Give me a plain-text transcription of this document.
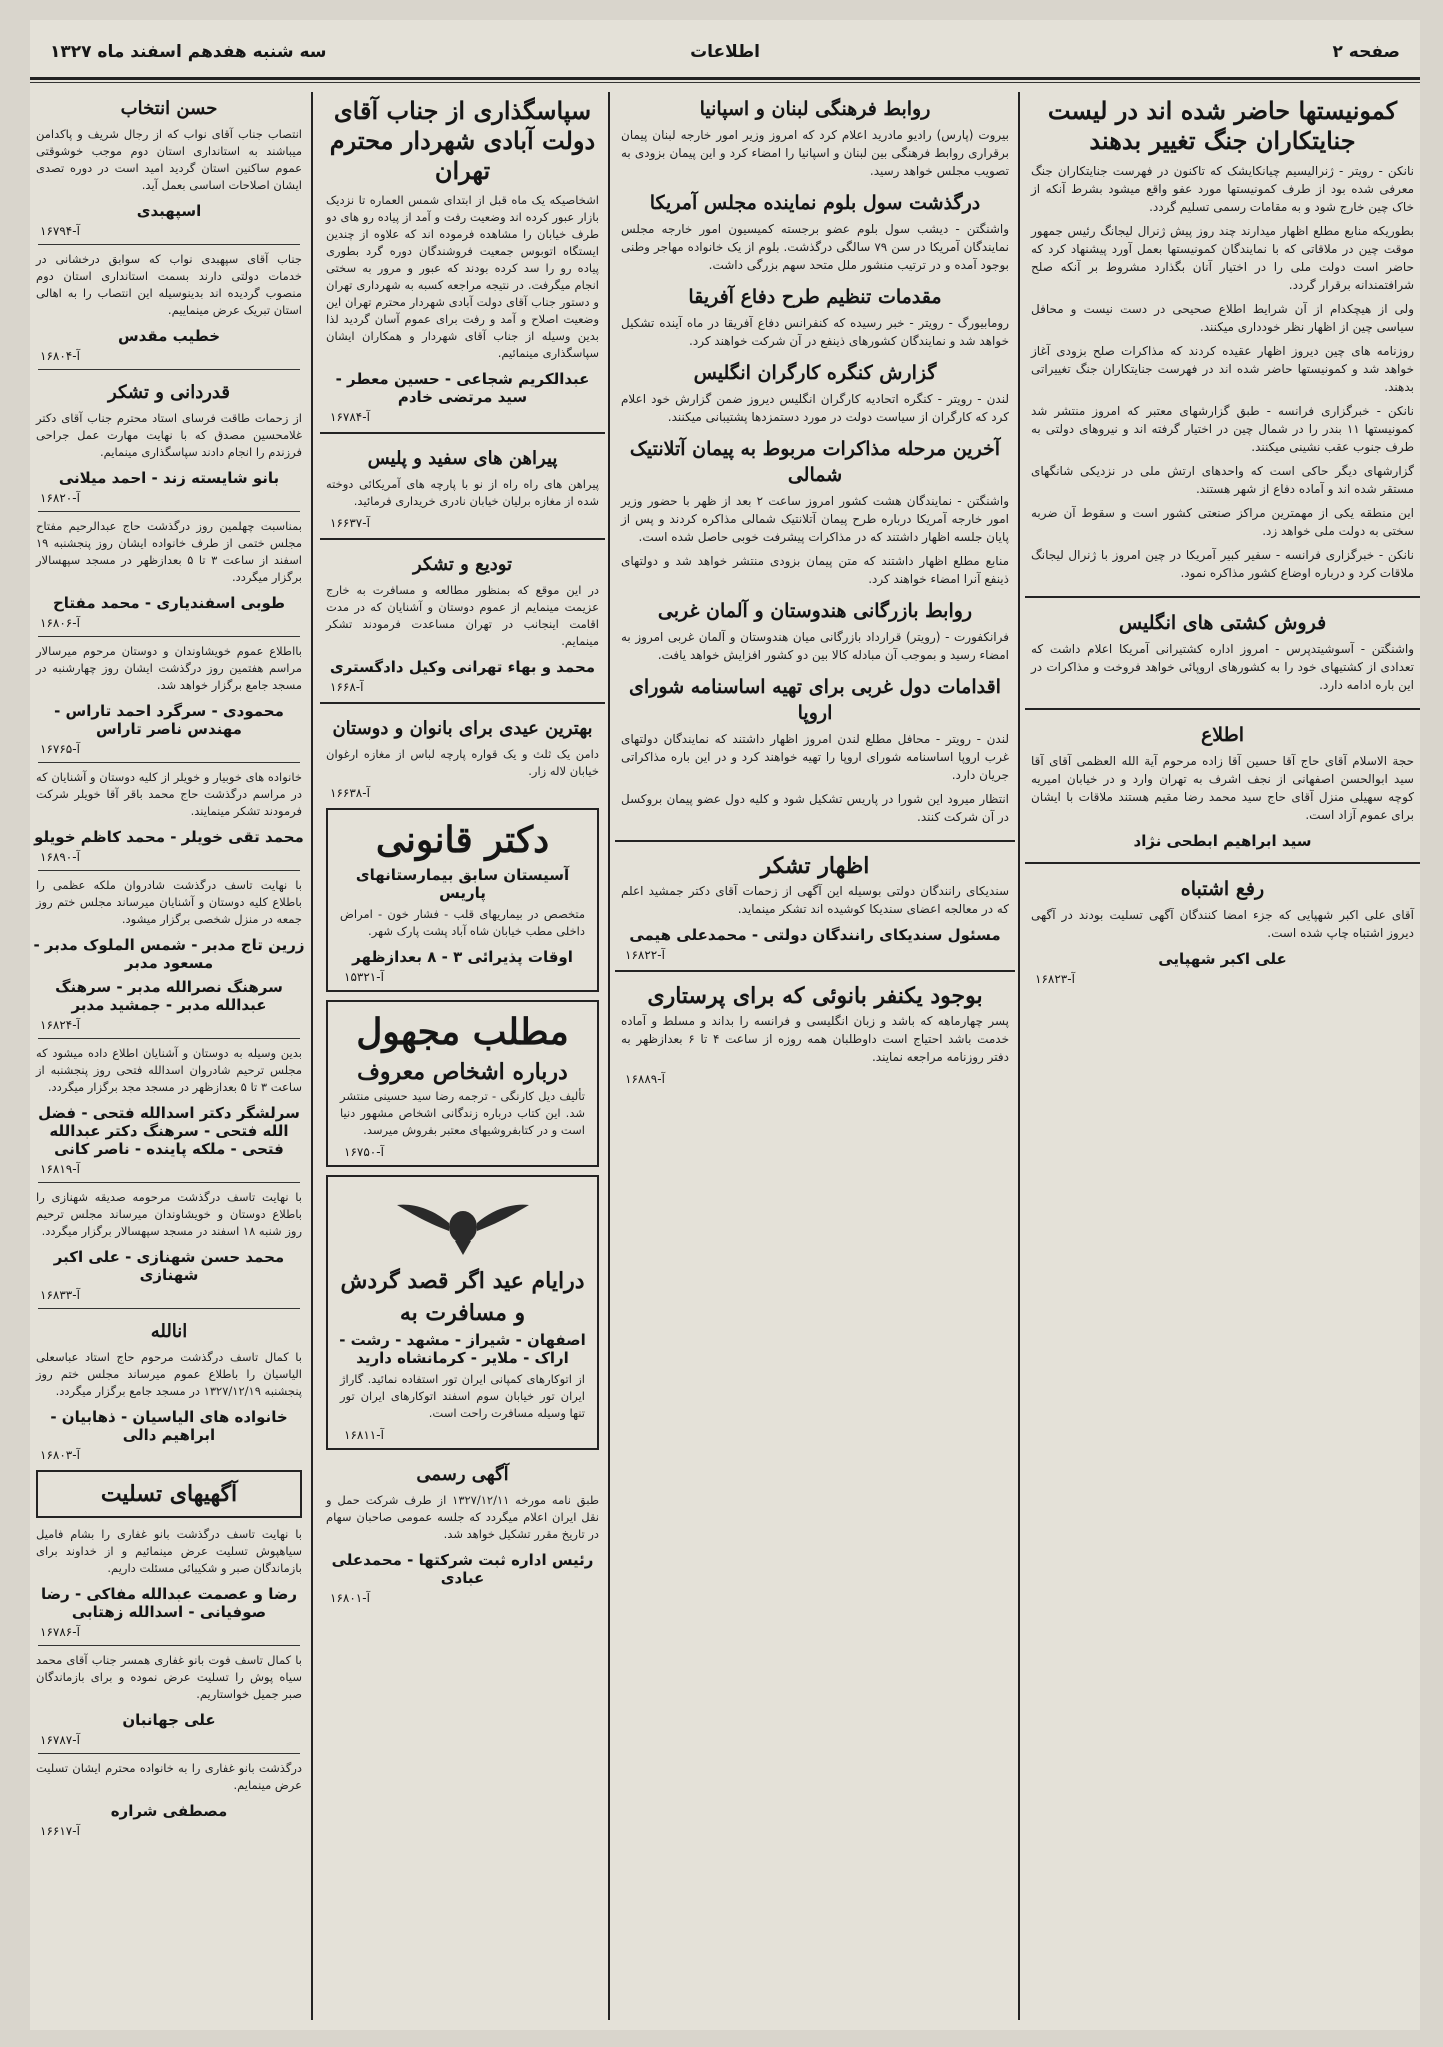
صفحه ۲
اطلاعات
سه شنبه هفدهم اسفند ماه ۱۳۲۷
کمونیستها حاضر شده اند در لیست جنایتکاران جنگ تغییر بدهند
نانکن - رویتر - ژنرالیسیم چیانکایشک که تاکنون در فهرست جنایتکاران جنگ معرفی شده بود از طرف کمونیستها مورد عفو واقع میشود بشرط آنکه از خاک چین خارج شود و به مقامات رسمی تسلیم گردد.
بطوریکه منابع مطلع اظهار میدارند چند روز پیش ژنرال لیجانگ رئیس جمهور موقت چین در ملاقاتی که با نمایندگان کمونیستها بعمل آورد پیشنهاد کرد که حاضر است دولت ملی را در اختیار آنان بگذارد مشروط بر آنکه صلح شرافتمندانه برقرار گردد.
ولی از هیچکدام از آن شرایط اطلاع صحیحی در دست نیست و محافل سیاسی چین از اظهار نظر خودداری میکنند.
روزنامه های چین دیروز اظهار عقیده کردند که مذاکرات صلح بزودی آغاز خواهد شد و کمونیستها حاضر شده اند در فهرست جنایتکاران جنگ تغییراتی بدهند.
نانکن - خبرگزاری فرانسه - طبق گزارشهای معتبر که امروز منتشر شد کمونیستها ۱۱ بندر را در شمال چین در اختیار گرفته اند و نیروهای دولتی به طرف جنوب عقب نشینی میکنند.
گزارشهای دیگر حاکی است که واحدهای ارتش ملی در نزدیکی شانگهای مستقر شده اند و آماده دفاع از شهر هستند.
این منطقه یکی از مهمترین مراکز صنعتی کشور است و سقوط آن ضربه سختی به دولت ملی خواهد زد.
نانکن - خبرگزاری فرانسه - سفیر کبیر آمریکا در چین امروز با ژنرال لیجانگ ملاقات کرد و درباره اوضاع کشور مذاکره نمود.
فروش کشتی های انگلیس
واشنگتن - آسوشیتدپرس - امروز اداره کشتیرانی آمریکا اعلام داشت که تعدادی از کشتیهای خود را به کشورهای اروپائی خواهد فروخت و مذاکرات در این باره ادامه دارد.
اطلاع
حجة الاسلام آقای حاج آقا حسین آقا زاده مرحوم آیة الله العظمی آقای آقا سید ابوالحسن اصفهانی از نجف اشرف به تهران وارد و در خیابان امیریه کوچه سهیلی منزل آقای حاج سید محمد رضا مقیم هستند ملاقات با ایشان برای عموم آزاد است.
سید ابراهیم ابطحی نژاد
رفع اشتباه
آقای علی اکبر شهپایی که جزء امضا کنندگان آگهی تسلیت بودند در آگهی دیروز اشتباه چاپ شده است.
علی اکبر شهپایی
آ-۱۶۸۲۳
روابط فرهنگی لبنان و اسپانیا
بیروت (پارس) رادیو مادرید اعلام کرد که امروز وزیر امور خارجه لبنان پیمان برقراری روابط فرهنگی بین لبنان و اسپانیا را امضاء کرد و این پیمان بزودی به تصویب مجلس خواهد رسید.
درگذشت سول بلوم نماینده مجلس آمریکا
واشنگتن - دیشب سول بلوم عضو برجسته کمیسیون امور خارجه مجلس نمایندگان آمریکا در سن ۷۹ سالگی درگذشت. بلوم از یک خانواده مهاجر وطنی بوجود آمده و در ترتیب منشور ملل متحد سهم بزرگی داشت.
مقدمات تنظیم طرح دفاع آفریقا
رومابیورگ - رویتر - خبر رسیده که کنفرانس دفاع آفریقا در ماه آینده تشکیل خواهد شد و نمایندگان کشورهای ذینفع در آن شرکت خواهند کرد.
گزارش کنگره کارگران انگلیس
لندن - رویتر - کنگره اتحادیه کارگران انگلیس دیروز ضمن گزارش خود اعلام کرد که کارگران از سیاست دولت در مورد دستمزدها پشتیبانی میکنند.
آخرین مرحله مذاکرات مربوط به پیمان آتلانتیک شمالی
واشنگتن - نمایندگان هشت کشور امروز ساعت ۲ بعد از ظهر با حضور وزیر امور خارجه آمریکا درباره طرح پیمان آتلانتیک شمالی مذاکره کردند و پس از پایان جلسه اظهار داشتند که در مذاکرات پیشرفت خوبی حاصل شده است.
منابع مطلع اظهار داشتند که متن پیمان بزودی منتشر خواهد شد و دولتهای ذینفع آنرا امضاء خواهند کرد.
روابط بازرگانی هندوستان و آلمان غربی
فرانکفورت - (رویتر) قرارداد بازرگانی میان هندوستان و آلمان غربی امروز به امضاء رسید و بموجب آن مبادله کالا بین دو کشور افزایش خواهد یافت.
اقدامات دول غربی برای تهیه اساسنامه شورای اروپا
لندن - رویتر - محافل مطلع لندن امروز اظهار داشتند که نمایندگان دولتهای غرب اروپا اساسنامه شورای اروپا را تهیه خواهند کرد و در این باره مذاکراتی جریان دارد.
انتظار میرود این شورا در پاریس تشکیل شود و کلیه دول عضو پیمان بروکسل در آن شرکت کنند.
اظهار تشکر
سندیکای رانندگان دولتی بوسیله این آگهی از زحمات آقای دکتر جمشید اعلم که در معالجه اعضای سندیکا کوشیده اند تشکر مینماید.
مسئول سندیکای رانندگان دولتی - محمدعلی هیمی
آ-۱۶۸۲۲
بوجود یکنفر بانوئی که برای پرستاری
پسر چهارماهه که باشد و زبان انگلیسی و فرانسه را بداند و مسلط و آماده خدمت باشد احتیاج است داوطلبان همه روزه از ساعت ۴ تا ۶ بعدازظهر به دفتر روزنامه مراجعه نمایند.
آ-۱۶۸۸۹
سپاسگذاری از جناب آقای دولت آبادی شهردار محترم تهران
اشخاصیکه یک ماه قبل از ابتدای شمس العماره تا نزدیک بازار عبور کرده اند وضعیت رفت و آمد از پیاده رو های دو طرف خیابان را مشاهده فرموده اند که علاوه از چندین ایستگاه اتوبوس جمعیت فروشندگان دوره گرد بطوری پیاده رو را سد کرده بودند که عبور و مرور به سختی انجام میگرفت. در نتیجه مراجعه کسبه به شهرداری تهران و دستور جناب آقای دولت آبادی شهردار محترم تهران این وضعیت اصلاح و آمد و رفت برای عموم آسان گردید لذا بدین وسیله از جناب آقای شهردار و همکاران ایشان سپاسگذاری مینمائیم.
عبدالکریم شجاعی - حسین معطر - سید مرتضی خادم
آ-۱۶۷۸۴
پیراهن های سفید و پلیس
پیراهن های راه راه از نو با پارچه های آمریکائی دوخته شده از مغازه برلیان خیابان نادری خریداری فرمائید.
آ-۱۶۶۳۷
تودیع و تشکر
در این موقع که بمنظور مطالعه و مسافرت به خارج عزیمت مینمایم از عموم دوستان و آشنایان که در مدت اقامت اینجانب در تهران مساعدت فرمودند تشکر مینمایم.
محمد و بهاء تهرانی وکیل دادگستری
آ-۱۶۶۸
بهترین عیدی برای بانوان و دوستان
دامن یک ثلث و یک قواره پارچه لباس از مغازه ارغوان خیابان لاله زار.
آ-۱۶۶۳۸
دکتر قانونی
آسیستان سابق بیمارستانهای پاریس
متخصص در بیماریهای قلب - فشار خون - امراض داخلی مطب خیابان شاه آباد پشت پارک شهر.
اوقات پذیرائی ۳ - ۸ بعدازظهر
آ-۱۵۳۲۱
مطلب مجهول
درباره اشخاص معروف
تألیف دیل کارنگی - ترجمه رضا سید حسینی منتشر شد. این کتاب درباره زندگانی اشخاص مشهور دنیا است و در کتابفروشیهای معتبر بفروش میرسد.
آ-۱۶۷۵۰
درایام عید اگر قصد گردش و مسافرت به
اصفهان - شیراز - مشهد - رشت - اراک - ملایر - کرمانشاه دارید
از اتوکارهای کمپانی ایران تور استفاده نمائید. گاراژ ایران تور خیابان سوم اسفند اتوکارهای ایران تور تنها وسیله مسافرت راحت است.
آ-۱۶۸۱۱
آگهی رسمی
طبق نامه مورخه ۱۳۲۷/۱۲/۱۱ از طرف شرکت حمل و نقل ایران اعلام میگردد که جلسه عمومی صاحبان سهام در تاریخ مقرر تشکیل خواهد شد.
رئیس اداره ثبت شرکتها - محمدعلی عبادی
آ-۱۶۸۰۱
حسن انتخاب
انتصاب جناب آقای نواب که از رجال شریف و پاکدامن میباشند به استانداری استان دوم موجب خوشوقتی عموم ساکنین استان گردید امید است در دوره تصدی ایشان اصلاحات اساسی بعمل آید.
اسپهبدی
آ-۱۶۷۹۴
جناب آقای سپهبدی نواب که سوابق درخشانی در خدمات دولتی دارند بسمت استانداری استان دوم منصوب گردیده اند بدینوسیله این انتصاب را به اهالی استان تبریک عرض مینماییم.
خطیب مقدس
آ-۱۶۸۰۴
قدردانی و تشکر
از زحمات طاقت فرسای استاد محترم جناب آقای دکتر غلامحسین مصدق که با نهایت مهارت عمل جراحی فرزندم را انجام دادند سپاسگذاری مینمایم.
بانو شایسته زند - احمد میلانی
آ-۱۶۸۲۰
بمناسبت چهلمین روز درگذشت حاج عبدالرحیم مفتاح مجلس ختمی از طرف خانواده ایشان روز پنجشنبه ۱۹ اسفند از ساعت ۳ تا ۵ بعدازظهر در مسجد سپهسالار برگزار میگردد.
طوبی اسفندیاری - محمد مفتاح
آ-۱۶۸۰۶
بااطلاع عموم خویشاوندان و دوستان مرحوم میرسالار مراسم هفتمین روز درگذشت ایشان روز چهارشنبه در مسجد جامع برگزار خواهد شد.
محمودی - سرگرد احمد تاراس - مهندس ناصر تاراس
آ-۱۶۷۶۵
خانواده های خوبیار و خویلر از کلیه دوستان و آشنایان که در مراسم درگذشت حاج محمد باقر آقا خویلر شرکت فرمودند تشکر مینمایند.
محمد تقی خویلر - محمد کاظم خویلو
آ-۱۶۸۹۰
با نهایت تاسف درگذشت شادروان ملکه عظمی را باطلاع کلیه دوستان و آشنایان میرساند مجلس ختم روز جمعه در منزل شخصی برگزار میشود.
زرین تاج مدبر - شمس الملوک مدبر - مسعود مدبر
سرهنگ نصرالله مدبر - سرهنگ عبدالله مدبر - جمشید مدبر
آ-۱۶۸۲۴
بدین وسیله به دوستان و آشنایان اطلاع داده میشود که مجلس ترحیم شادروان اسدالله فتحی روز پنجشنبه از ساعت ۳ تا ۵ بعدازظهر در مسجد مجد برگزار میگردد.
سرلشگر دکتر اسدالله فتحی - فضل الله فتحی - سرهنگ دکتر عبدالله فتحی - ملکه پاینده - ناصر کانی
آ-۱۶۸۱۹
با نهایت تاسف درگذشت مرحومه صدیقه شهنازی را باطلاع دوستان و خویشاوندان میرساند مجلس ترحیم روز شنبه ۱۸ اسفند در مسجد سپهسالار برگزار میگردد.
محمد حسن شهنازی - علی اکبر شهنازی
آ-۱۶۸۳۳
انالله
با کمال تاسف درگذشت مرحوم حاج استاد عباسعلی الیاسیان را باطلاع عموم میرساند مجلس ختم روز پنجشنبه ۱۳۲۷/۱۲/۱۹ در مسجد جامع برگزار میگردد.
خانواده های الیاسیان - ذهابیان - ابراهیم دالی
آ-۱۶۸۰۳
آگهیهای تسلیت
با نهایت تاسف درگذشت بانو غفاری را بشام فامیل سیاهپوش تسلیت عرض مینمائیم و از خداوند برای بازماندگان صبر و شکیبائی مسئلت داریم.
رضا و عصمت عبدالله مفاکی - رضا صوفیانی - اسدالله زهتابی
آ-۱۶۷۸۶
با کمال تاسف فوت بانو غفاری همسر جناب آقای محمد سیاه پوش را تسلیت عرض نموده و برای بازماندگان صبر جمیل خواستاریم.
علی جهانبان
آ-۱۶۷۸۷
درگذشت بانو غفاری را به خانواده محترم ایشان تسلیت عرض مینمایم.
مصطفی شراره
آ-۱۶۶۱۷
